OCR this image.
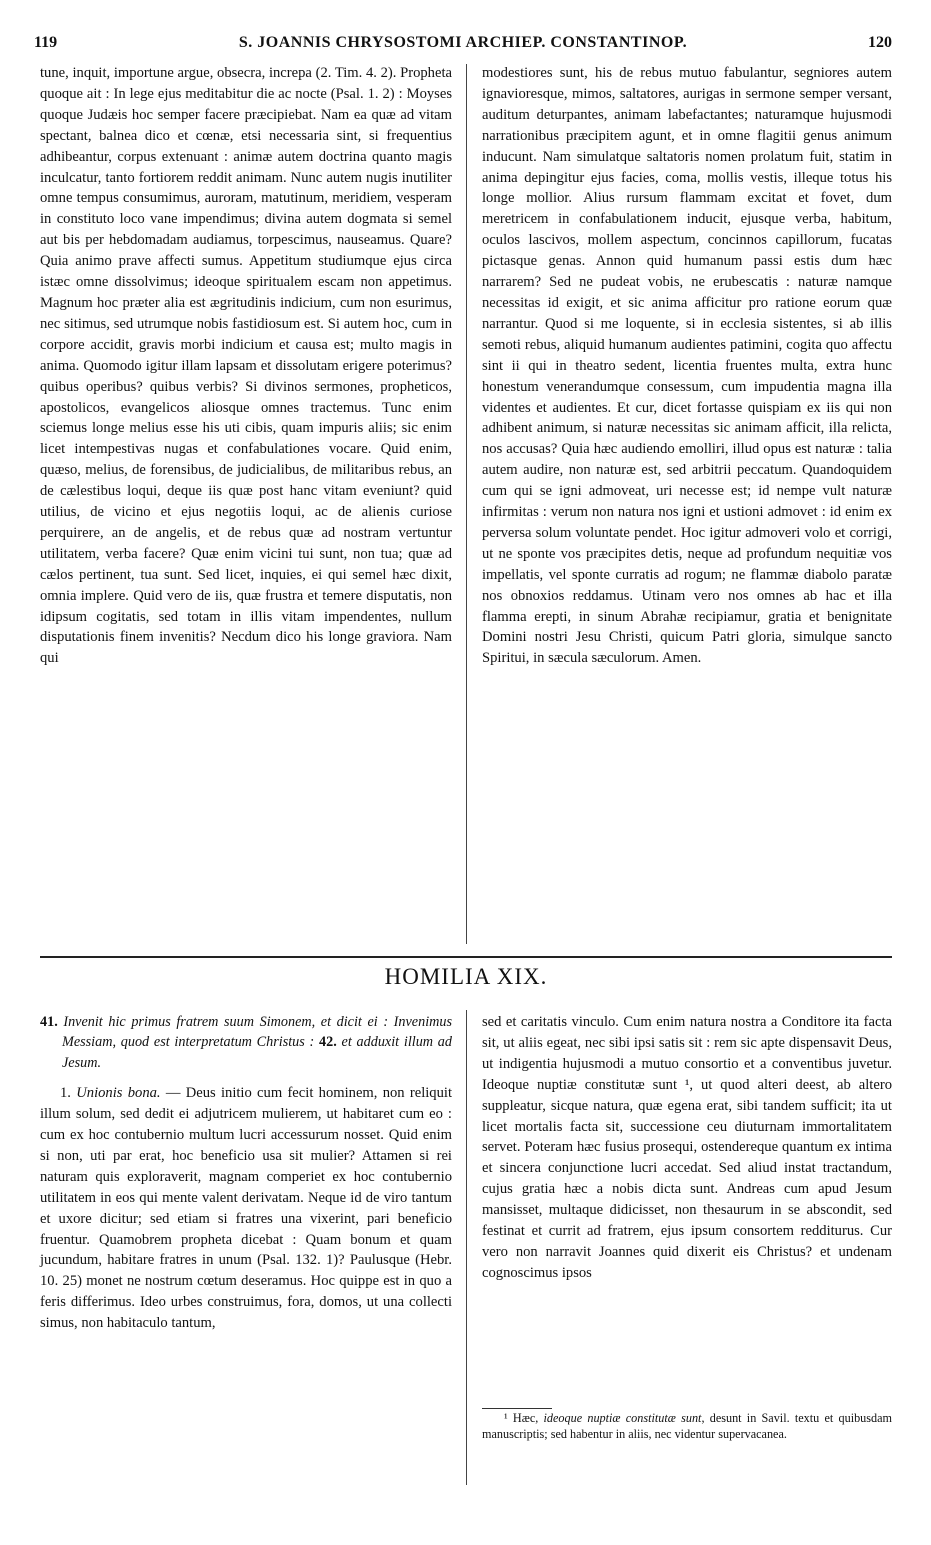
119	S. JOANNIS CHRYSOSTOMI ARCHIEP. CONSTANTINOP.	120

tune, inquit, importune argue, obsecra, increpa (2. Tim. 4. 2). Propheta quoque ait : In lege ejus meditabitur die ac nocte (Psal. 1. 2) : Moyses quoque Judæis hoc semper facere præcipiebat. Nam ea quæ ad vitam spectant, balnea dico et cœnæ, etsi necessaria sint, si frequentius adhibeantur, corpus extenuant : animæ autem doctrina quanto magis inculcatur, tanto fortiorem reddit animam. Nunc autem nugis inutiliter omne tempus consumimus, auroram, matutinum, meridiem, vesperam in constituto loco vane impendimus; divina autem dogmata si semel aut bis per hebdomadam audiamus, torpescimus, nauseamus. Quare? Quia animo prave affecti sumus. Appetitum studiumque ejus circa istæc omne dissolvimus; ideoque spiritualem escam non appetimus. Magnum hoc præter alia est ægritudinis indicium, cum non esurimus, nec sitimus, sed utrumque nobis fastidiosum est. Si autem hoc, cum in corpore accidit, gravis morbi indicium et causa est; multo magis in anima. Quomodo igitur illam lapsam et dissolutam erigere poterimus? quibus operibus? quibus verbis? Si divinos sermones, propheticos, apostolicos, evangelicos aliosque omnes tractemus. Tunc enim sciemus longe melius esse his uti cibis, quam impuris aliis; sic enim licet intempestivas nugas et confabulationes vocare. Quid enim, quæso, melius, de forensibus, de judicialibus, de militaribus rebus, an de cælestibus loqui, deque iis quæ post hanc vitam eveniunt? quid utilius, de vicino et ejus negotiis loqui, ac de alienis curiose perquirere, an de angelis, et de rebus quæ ad nostram vertuntur utilitatem, verba facere? Quæ enim vicini tui sunt, non tua; quæ ad cælos pertinent, tua sunt. Sed licet, inquies, ei qui semel hæc dixit, omnia implere. Quid vero de iis, quæ frustra et temere disputatis, non idipsum cogitatis, sed totam in illis vitam impendentes, nullum disputationis finem invenitis? Necdum dico his longe graviora. Nam qui

modestiores sunt, his de rebus mutuo fabulantur, segniores autem ignavioresque, mimos, saltatores, aurigas in sermone semper versant, auditum deturpantes, animam labefactantes; naturamque hujusmodi narrationibus præcipitem agunt, et in omne flagitii genus animum inducunt. Nam simulatque saltatoris nomen prolatum fuit, statim in anima depingitur ejus facies, coma, mollis vestis, illeque totus his longe mollior. Alius rursum flammam excitat et fovet, dum meretricem in confabulationem inducit, ejusque verba, habitum, oculos lascivos, mollem aspectum, concinnos capillorum, fucatas pictasque genas. Annon quid humanum passi estis dum hæc narrarem? Sed ne pudeat vobis, ne erubescatis : naturæ namque necessitas id exigit, et sic anima afficitur pro ratione eorum quæ narrantur. Quod si me loquente, si in ecclesia sistentes, si ab illis semoti rebus, aliquid humanum audientes patimini, cogita quo affectu sint ii qui in theatro sedent, licentia fruentes multa, extra hunc honestum venerandumque consessum, cum impudentia magna illa videntes et audientes. Et cur, dicet fortasse quispiam ex iis qui non adhibent animum, si naturæ necessitas sic animam afficit, illa relicta, nos accusas? Quia hæc audiendo emolliri, illud opus est naturæ : talia autem audire, non naturæ est, sed arbitrii peccatum. Quandoquidem cum qui se igni admoveat, uri necesse est; id nempe vult naturæ infirmitas : verum non natura nos igni et ustioni admovet : id enim ex perversa solum voluntate pendet. Hoc igitur admoveri volo et corrigi, ut ne sponte vos præcipites detis, neque ad profundum nequitiæ vos impellatis, vel sponte curratis ad rogum; ne flammæ diabolo paratæ nos obnoxios reddamus. Utinam vero nos omnes ab hac et illa flamma erepti, in sinum Abrahæ recipiamur, gratia et benignitate Domini nostri Jesu Christi, quicum Patri gloria, simulque sancto Spiritui, in sæcula sæculorum. Amen.

HOMILIA XIX.

41. Invenit hic primus fratrem suum Simonem, et dicit ei : Invenimus Messiam, quod est interpretatum Christus : 42. et adduxit illum ad Jesum.

1. Unionis bona. — Deus initio cum fecit hominem, non reliquit illum solum, sed dedit ei adjutricem mulierem, ut habitaret cum eo : cum ex hoc contubernio multum lucri accessurum nosset. Quid enim si non, uti par erat, hoc beneficio usa sit mulier? Attamen si rei naturam quis exploraverit, magnam comperiet ex hoc contubernio utilitatem in eos qui mente valent derivatam. Neque id de viro tantum et uxore dicitur; sed etiam si fratres una vixerint, pari beneficio fruentur. Quamobrem propheta dicebat : Quam bonum et quam jucundum, habitare fratres in unum (Psal. 132. 1)? Paulusque (Hebr. 10. 25) monet ne nostrum cœtum deseramus. Hoc quippe est in quo a feris differimus. Ideo urbes construimus, fora, domos, ut una collecti simus, non habitaculo tantum,

sed et caritatis vinculo. Cum enim natura nostra a Conditore ita facta sit, ut aliis egeat, nec sibi ipsi satis sit : rem sic apte dispensavit Deus, ut indigentia hujusmodi a mutuo consortio et a conventibus juvetur. Ideoque nuptiæ constitutæ sunt ¹, ut quod alteri deest, ab altero suppleatur, sicque natura, quæ egena erat, sibi tandem sufficit; ita ut licet mortalis facta sit, successione ceu diuturnam immortalitatem servet. Poteram hæc fusius prosequi, ostendereque quantum ex intima et sincera conjunctione lucri accedat. Sed aliud instat tractandum, cujus gratia hæc a nobis dicta sunt. Andreas cum apud Jesum mansisset, multaque didicisset, non thesaurum in se abscondit, sed festinat et currit ad fratrem, ejus ipsum consortem redditurus. Cur vero non narravit Joannes quid dixerit eis Christus? et undenam cognoscimus ipsos

¹ Hæc, ideoque nuptiæ constitutæ sunt, desunt in Savil. textu et quibusdam manuscriptis; sed habentur in aliis, nec videntur supervacanea.
